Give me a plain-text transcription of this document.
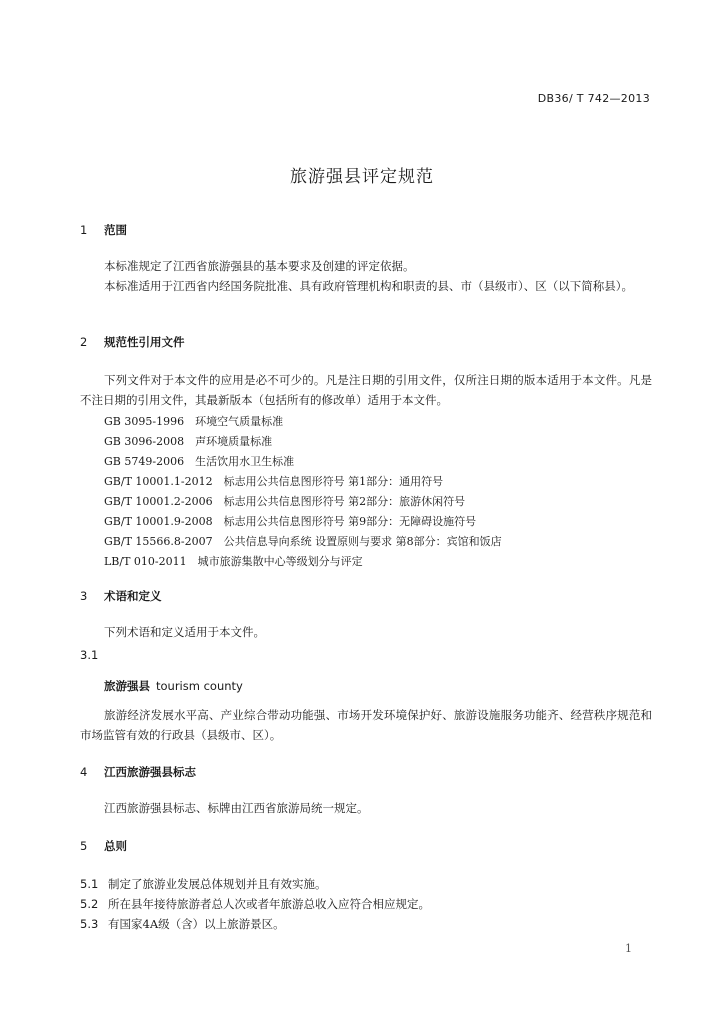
DB36/ T 742—2013
旅游强县评定规范
1 范围
本标准规定了江西省旅游强县的基本要求及创建的评定依据。
本标准适用于江西省内经国务院批准、具有政府管理机构和职责的县、市（县级市）、区（以下简称县）。
2 规范性引用文件
下列文件对于本文件的应用是必不可少的。凡是注日期的引用文件，仅所注日期的版本适用于本文件。凡是不注日期的引用文件，其最新版本（包括所有的修改单）适用于本文件。
GB 3095-1996　环境空气质量标准
GB 3096-2008　声环境质量标准
GB 5749-2006　生活饮用水卫生标准
GB/T 10001.1-2012　标志用公共信息图形符号 第1部分：通用符号
GB/T 10001.2-2006　标志用公共信息图形符号 第2部分：旅游休闲符号
GB/T 10001.9-2008　标志用公共信息图形符号 第9部分：无障碍设施符号
GB/T 15566.8-2007　公共信息导向系统 设置原则与要求 第8部分：宾馆和饭店
LB/T 010-2011　城市旅游集散中心等级划分与评定
3 术语和定义
下列术语和定义适用于本文件。
3.1
旅游强县 tourism county
旅游经济发展水平高、产业综合带动功能强、市场开发环境保护好、旅游设施服务功能齐、经营秩序规范和市场监管有效的行政县（县级市、区）。
4 江西旅游强县标志
江西旅游强县标志、标牌由江西省旅游局统一规定。
5 总则
5.1 制定了旅游业发展总体规划并且有效实施。
5.2 所在县年接待旅游者总人次或者年旅游总收入应符合相应规定。
5.3 有国家4A级（含）以上旅游景区。
1
